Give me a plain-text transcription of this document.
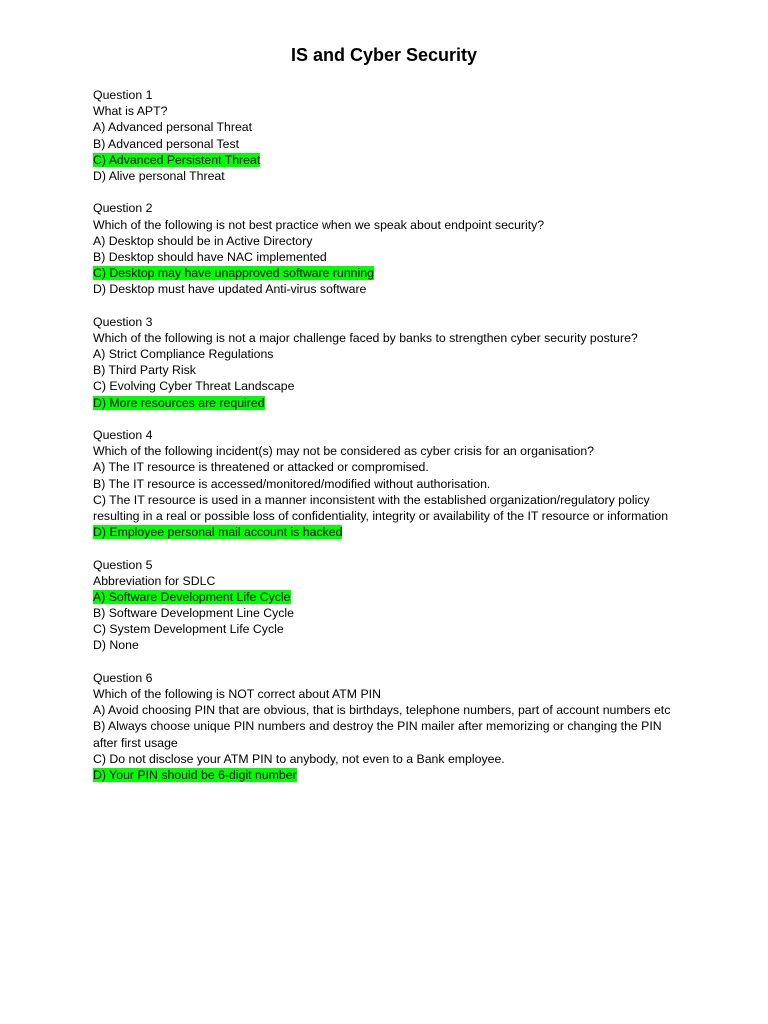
IS and Cyber Security
Question 1
What is APT?
A) Advanced personal Threat
B) Advanced personal Test
C) Advanced Persistent Threat
D) Alive personal Threat
Question 2
Which of the following is not best practice when we speak about endpoint security?
A) Desktop should be in Active Directory
B) Desktop should have NAC implemented
C) Desktop may have unapproved software running
D) Desktop must have updated Anti-virus software
Question 3
Which of the following is not a major challenge faced by banks to strengthen cyber security posture?
A) Strict Compliance Regulations
B) Third Party Risk
C) Evolving Cyber Threat Landscape
D) More resources are required
Question 4
Which of the following incident(s) may not be considered as cyber crisis for an organisation?
A) The IT resource is threatened or attacked or compromised.
B) The IT resource is accessed/monitored/modified without authorisation.
C) The IT resource is used in a manner inconsistent with the established organization/regulatory policy resulting in a real or possible loss of confidentiality, integrity or availability of the IT resource or information
D) Employee personal mail account is hacked
Question 5
Abbreviation for SDLC
A) Software Development Life Cycle
B) Software Development Line Cycle
C) System Development Life Cycle
D) None
Question 6
Which of the following is NOT correct about ATM PIN
A) Avoid choosing PIN that are obvious, that is birthdays, telephone numbers, part of account numbers etc
B) Always choose unique PIN numbers and destroy the PIN mailer after memorizing or changing the PIN after first usage
C) Do not disclose your ATM PIN to anybody, not even to a Bank employee.
D) Your PIN should be 6-digit number
